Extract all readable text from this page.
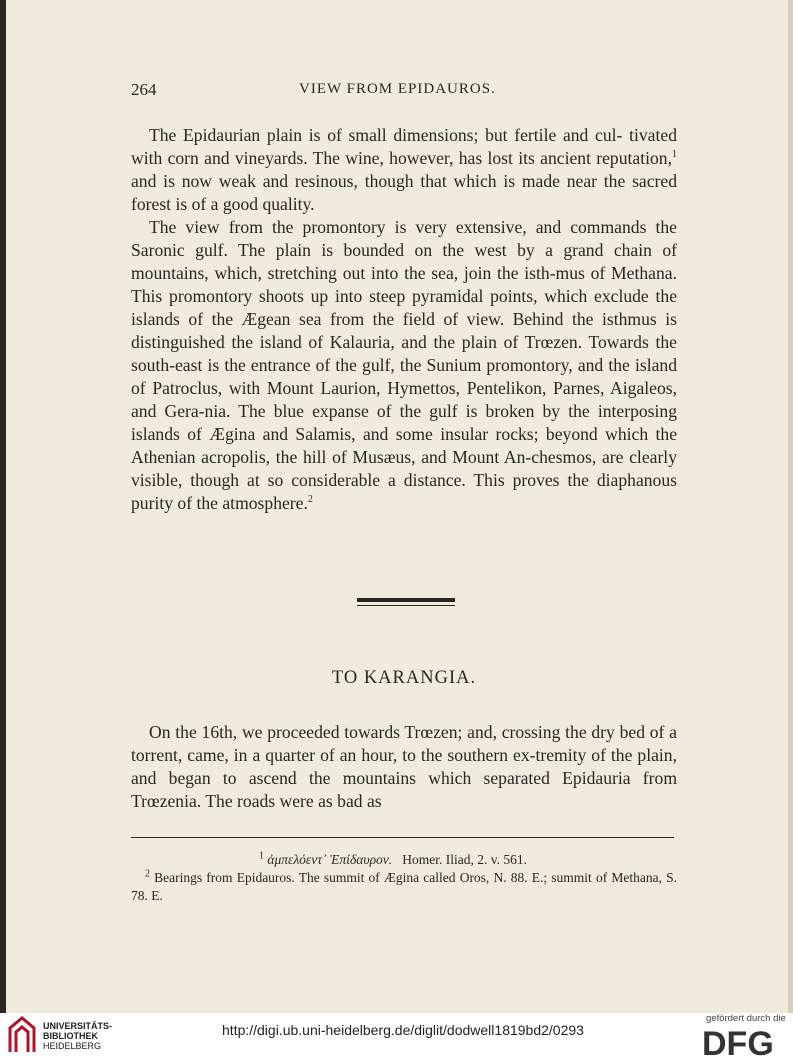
264	VIEW FROM EPIDAUROS.

The Epidaurian plain is of small dimensions; but fertile and cul- tivated with corn and vineyards. The wine, however, has lost its ancient reputation,$^1$ and is now weak and resinous, though that which is made near the sacred forest is of a good quality.

The view from the promontory is very extensive, and commands the Saronic gulf. The plain is bounded on the west by a grand chain of mountains, which, stretching out into the sea, join the isth-mus of Methana. This promontory shoots up into steep pyramidal points, which exclude the islands of the Ægean sea from the field of view. Behind the isthmus is distinguished the island of Kalauria, and the plain of Trœzen. Towards the south-east is the entrance of the gulf, the Sunium promontory, and the island of Patroclus, with Mount Laurion, Hymettos, Pentelikon, Parnes, Aigaleos, and Gera-nia. The blue expanse of the gulf is broken by the interposing islands of Ægina and Salamis, and some insular rocks; beyond which the Athenian acropolis, the hill of Musæus, and Mount An-chesmos, are clearly visible, though at so considerable a distance. This proves the diaphanous purity of the atmosphere.$^2$

TO KARANGIA.

On the 16th, we proceeded towards Trœzen; and, crossing the dry bed of a torrent, came, in a quarter of an hour, to the southern ex-tremity of the plain, and began to ascend the mountains which separated Epidauria from Trœzenia. The roads were as bad as

$^1$ ἀμπελόεντ᾽ Ἐπίδαυρον. Homer. Iliad, 2. v. 561.
$^2$ Bearings from Epidauros. The summit of Ægina called Oros, N. 88. E.; summit of Methana, S. 78. E.
UNIVERSITÄTS-
BIBLIOTHEK
HEIDELBERG
http://digi.ub.uni-heidelberg.de/diglit/dodwell1819bd2/0293
gefördert durch die
DFG
